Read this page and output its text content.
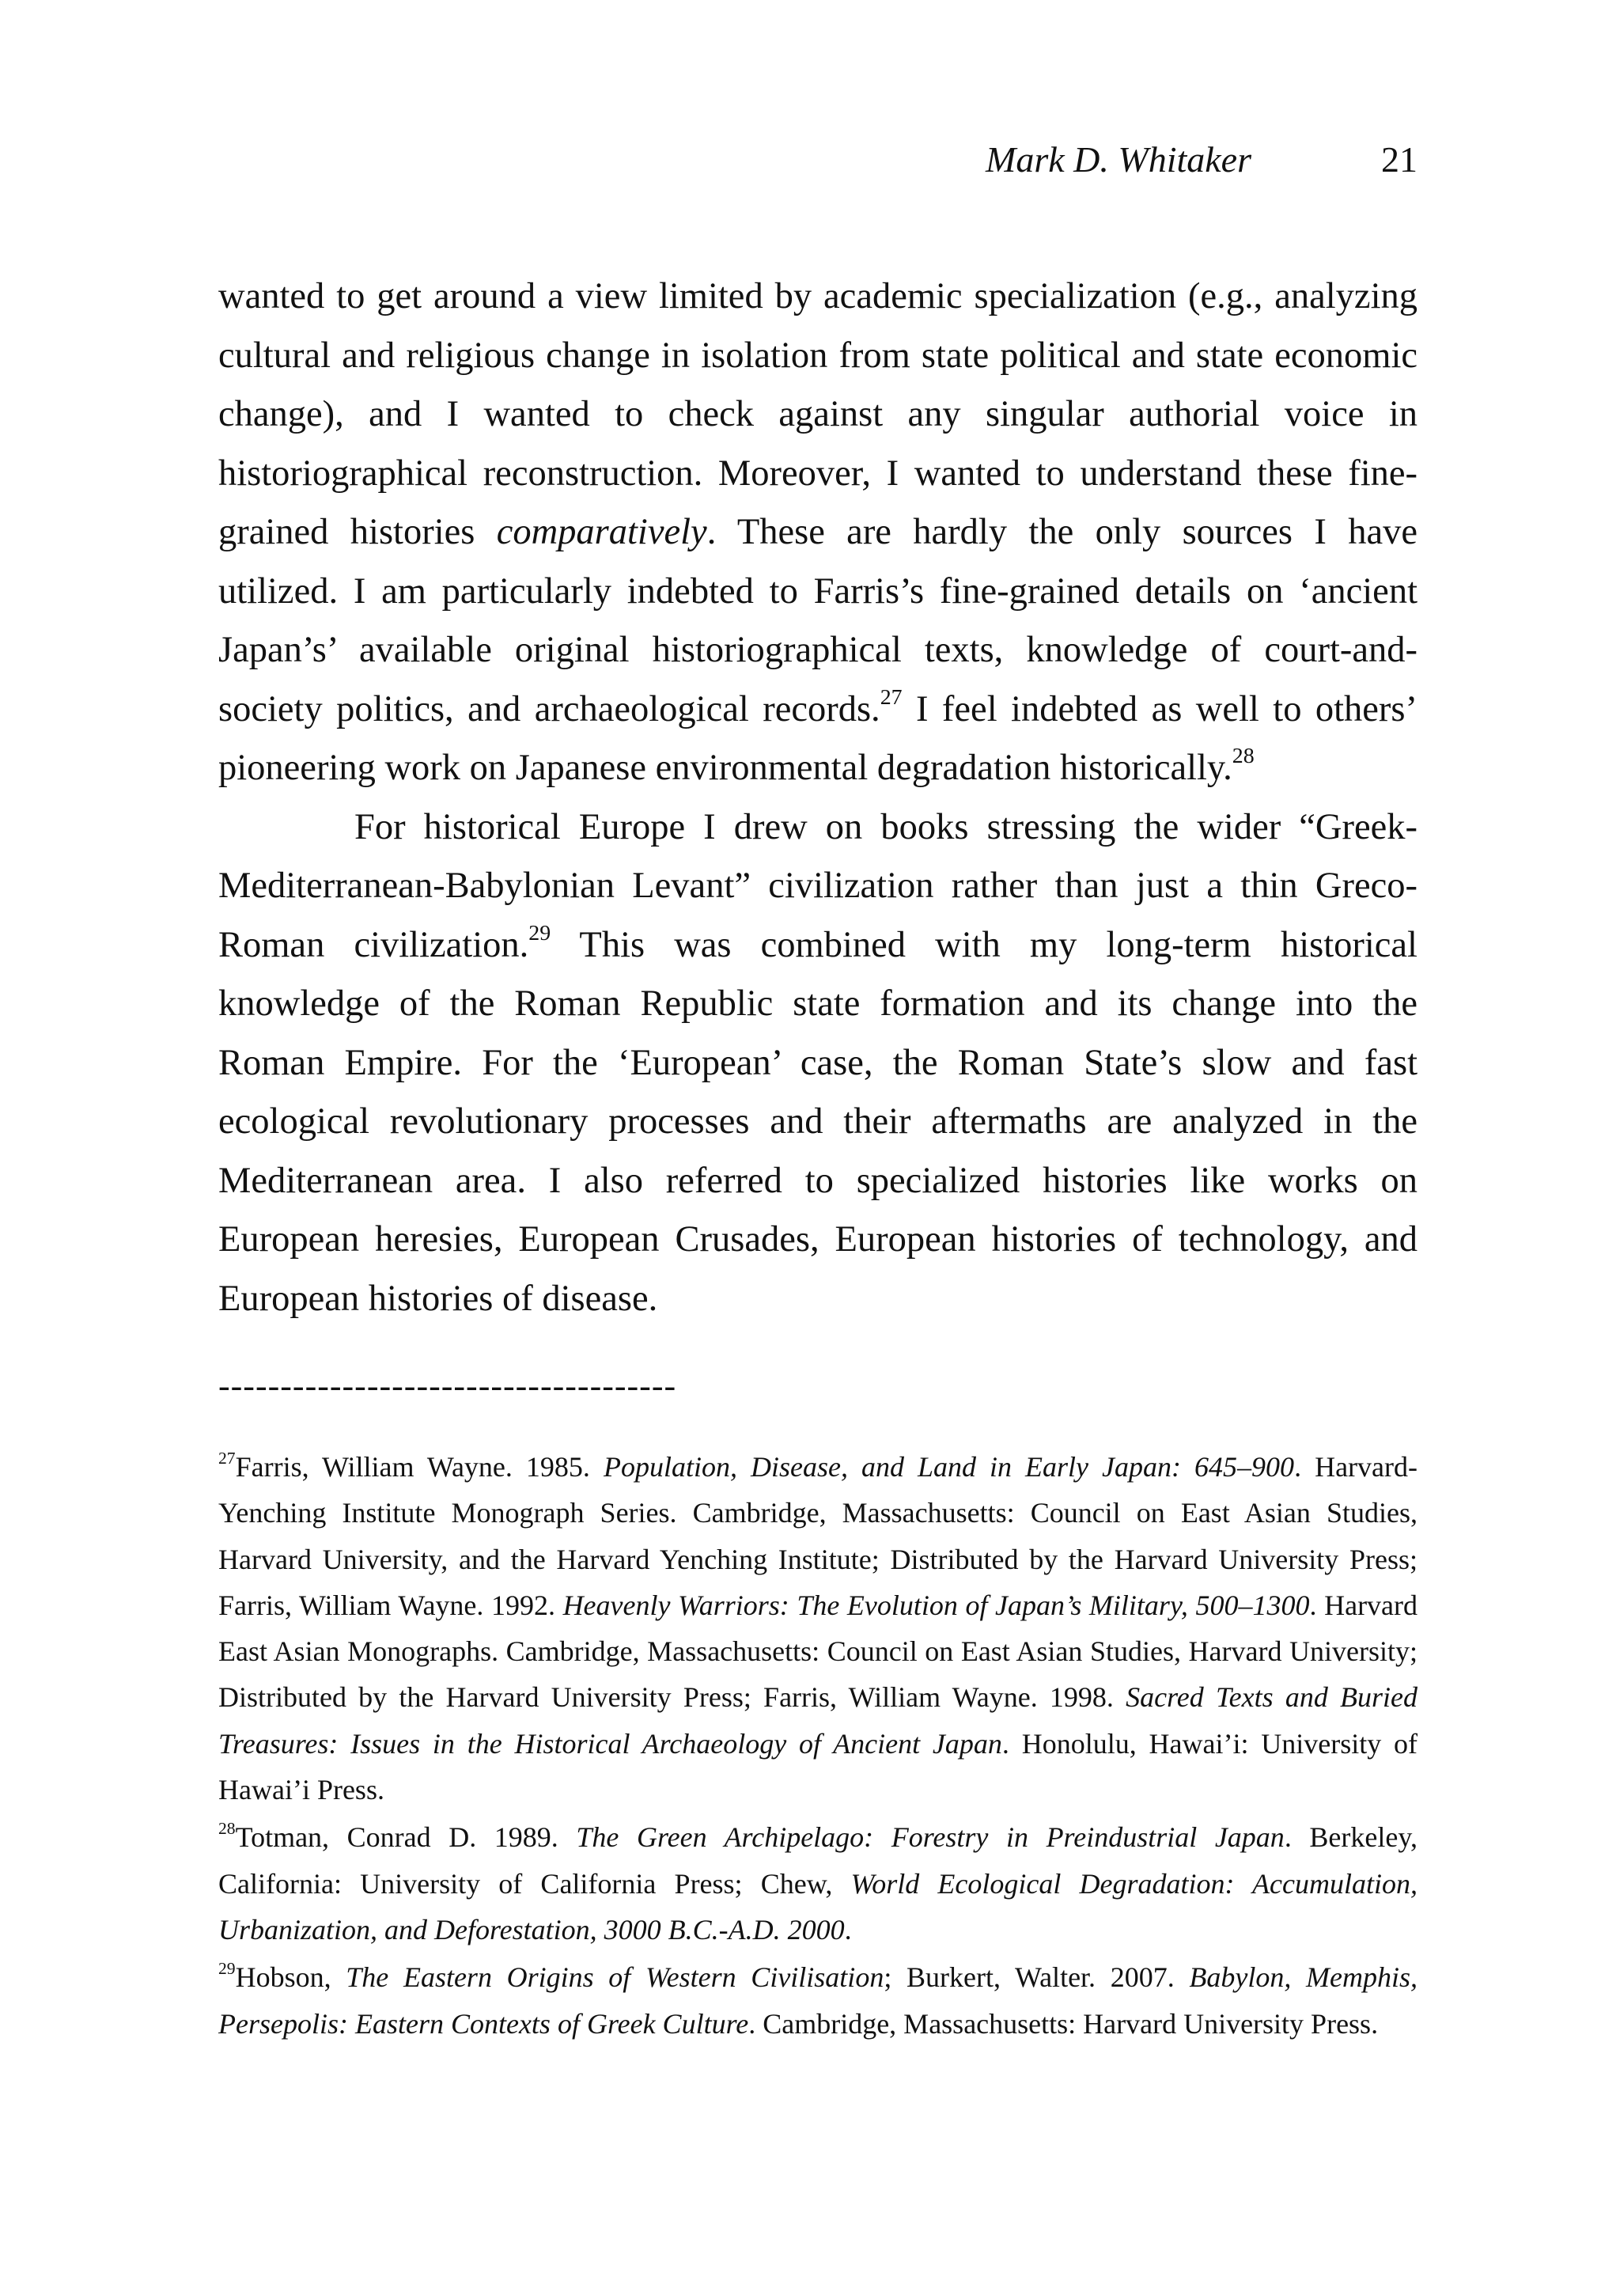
Mark D. Whitaker	21

wanted to get around a view limited by academic specialization (e.g., analyzing cultural and religious change in isolation from state political and state economic change), and I wanted to check against any singular authorial voice in historiographical reconstruction. Moreover, I wanted to understand these fine-grained histories comparatively. These are hardly the only sources I have utilized. I am particularly indebted to Farris’s fine-grained details on ‘ancient Japan’s’ available original historiographical texts, knowledge of court-and-society politics, and archaeological records.$^{27}$ I feel indebted as well to others’ pioneering work on Japanese environmental degradation historically.$^{28}$

For historical Europe I drew on books stressing the wider “Greek-Mediterranean-Babylonian Levant” civilization rather than just a thin Greco-Roman civilization.$^{29}$ This was combined with my long-term historical knowledge of the Roman Republic state formation and its change into the Roman Empire. For the ‘European’ case, the Roman State’s slow and fast ecological revolutionary processes and their aftermaths are analyzed in the Mediterranean area. I also referred to specialized histories like works on European heresies, European Crusades, European histories of technology, and European histories of disease.

-------------------------------------

$^{27}$Farris, William Wayne. 1985. Population, Disease, and Land in Early Japan: 645–900. Harvard-Yenching Institute Monograph Series. Cambridge, Massachusetts: Council on East Asian Studies, Harvard University, and the Harvard Yenching Institute; Distributed by the Harvard University Press; Farris, William Wayne. 1992. Heavenly Warriors: The Evolution of Japan’s Military, 500–1300. Harvard East Asian Monographs. Cambridge, Massachusetts: Council on East Asian Studies, Harvard University; Distributed by the Harvard University Press; Farris, William Wayne. 1998. Sacred Texts and Buried Treasures: Issues in the Historical Archaeology of Ancient Japan. Honolulu, Hawai’i: University of Hawai’i Press.

$^{28}$Totman, Conrad D. 1989. The Green Archipelago: Forestry in Preindustrial Japan. Berkeley, California: University of California Press; Chew, World Ecological Degradation: Accumulation, Urbanization, and Deforestation, 3000 B.C.-A.D. 2000.

$^{29}$Hobson, The Eastern Origins of Western Civilisation; Burkert, Walter. 2007. Babylon, Memphis, Persepolis: Eastern Contexts of Greek Culture. Cambridge, Massachusetts: Harvard University Press.
